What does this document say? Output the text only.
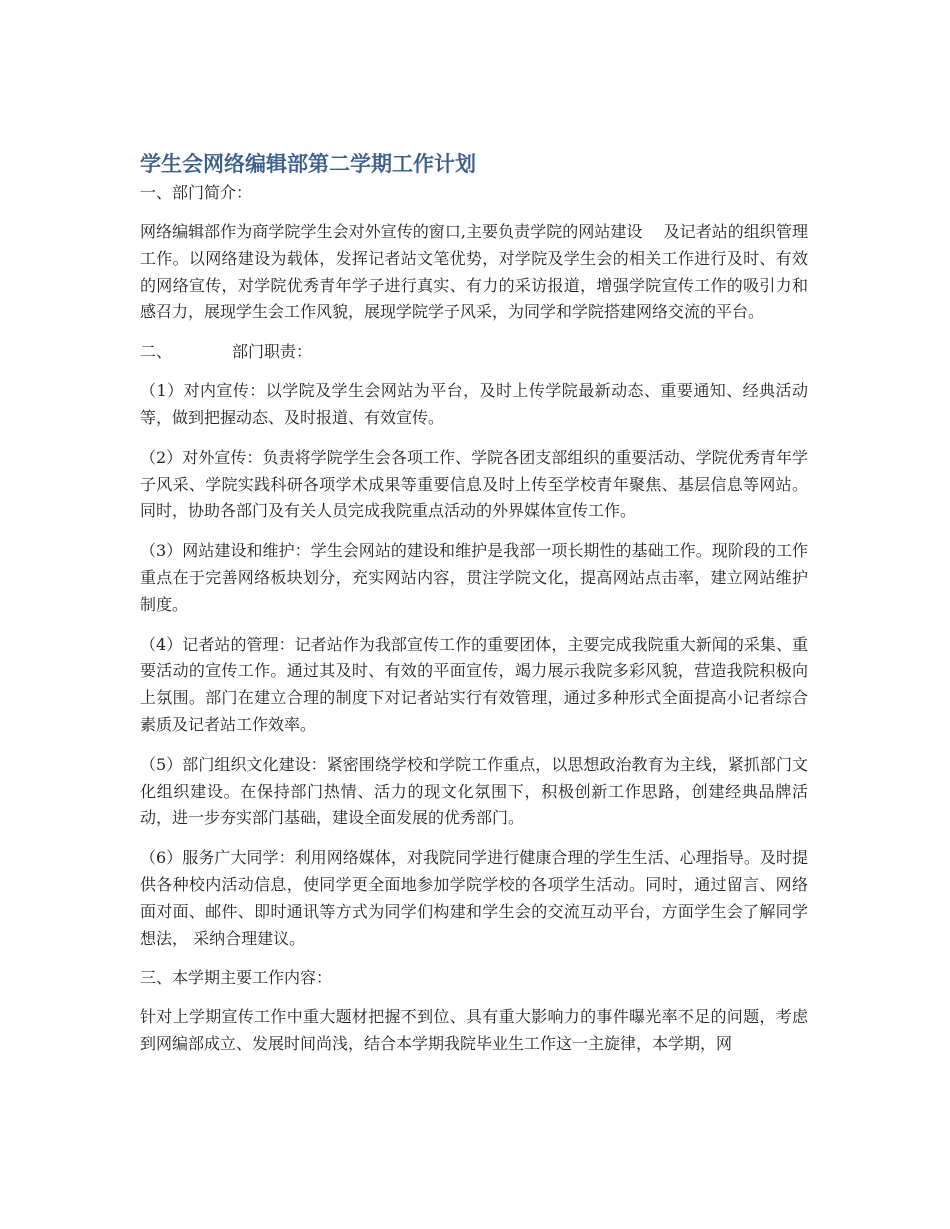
学生会网络编辑部第二学期工作计划
一、部门简介：

网络编辑部作为商学院学生会对外宣传的窗口,主要负责学院的网站建设  及记者站的组织管理工作。以网络建设为载体，发挥记者站文笔优势，对学院及学生会的相关工作进行及时、有效的网络宣传，对学院优秀青年学子进行真实、有力的采访报道，增强学院宣传工作的吸引力和感召力，展现学生会工作风貌，展现学院学子风采，为同学和学院搭建网络交流的平台。

二、	部门职责：

（1）对内宣传：以学院及学生会网站为平台，及时上传学院最新动态、重要通知、经典活动等，做到把握动态、及时报道、有效宣传。

（2）对外宣传：负责将学院学生会各项工作、学院各团支部组织的重要活动、学院优秀青年学子风采、学院实践科研各项学术成果等重要信息及时上传至学校青年聚焦、基层信息等网站。同时，协助各部门及有关人员完成我院重点活动的外界媒体宣传工作。

（3）网站建设和维护：学生会网站的建设和维护是我部一项长期性的基础工作。现阶段的工作重点在于完善网络板块划分，充实网站内容，贯注学院文化，提高网站点击率，建立网站维护制度。

（4）记者站的管理：记者站作为我部宣传工作的重要团体，主要完成我院重大新闻的采集、重要活动的宣传工作。通过其及时、有效的平面宣传，竭力展示我院多彩风貌，营造我院积极向上氛围。部门在建立合理的制度下对记者站实行有效管理，通过多种形式全面提高小记者综合素质及记者站工作效率。

（5）部门组织文化建设：紧密围绕学校和学院工作重点，以思想政治教育为主线，紧抓部门文化组织建设。在保持部门热情、活力的现文化氛围下，积极创新工作思路，创建经典品牌活动，进一步夯实部门基础，建设全面发展的优秀部门。

（6）服务广大同学：利用网络媒体，对我院同学进行健康合理的学生生活、心理指导。及时提供各种校内活动信息，使同学更全面地参加学院学校的各项学生活动。同时，通过留言、网络面对面、邮件、即时通讯等方式为同学们构建和学生会的交流互动平台，方面学生会了解同学想法， 采纳合理建议。

三、本学期主要工作内容：

针对上学期宣传工作中重大题材把握不到位、具有重大影响力的事件曝光率不足的问题，考虑到网编部成立、发展时间尚浅，结合本学期我院毕业生工作这一主旋律，本学期，网
